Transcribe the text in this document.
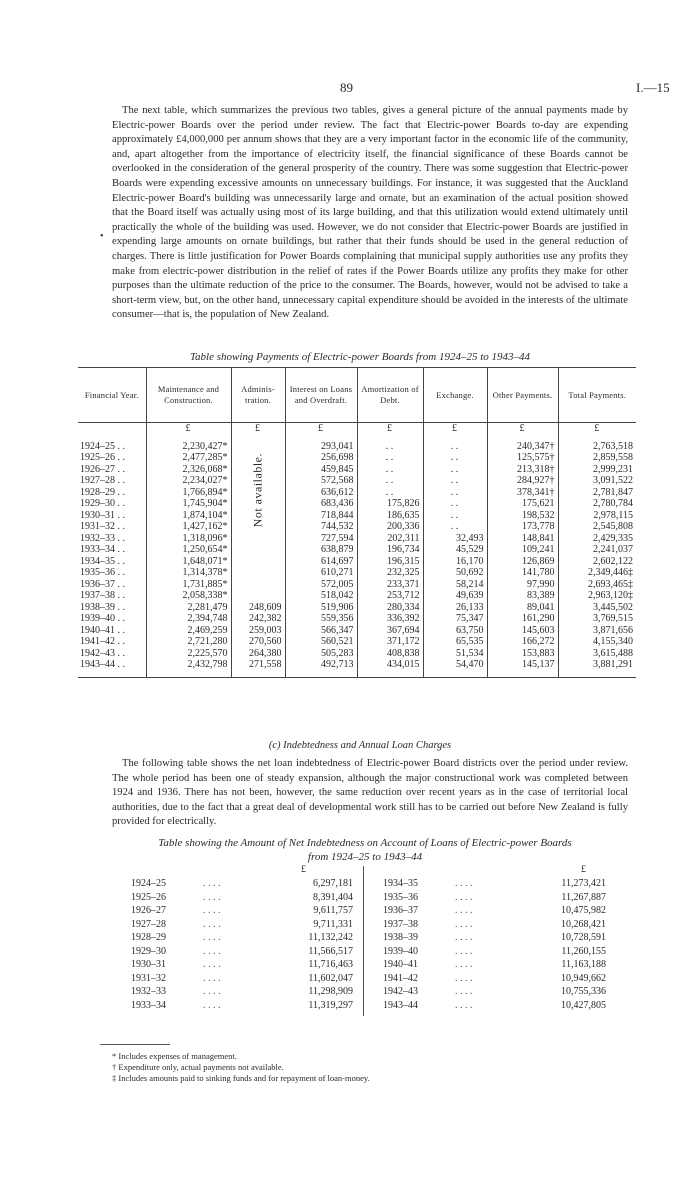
89	I.—15

The next table, which summarizes the previous two tables, gives a general picture of the annual payments made by Electric-power Boards over the period under review. The fact that Electric-power Boards to-day are expending approximately £4,000,000 per annum shows that they are a very important factor in the economic life of the community, and, apart altogether from the importance of electricity itself, the financial significance of these Boards cannot be overlooked in the consideration of the general prosperity of the country. There was some suggestion that Electric-power Boards were expending excessive amounts on unnecessary buildings. For instance, it was suggested that the Auckland Electric-power Board's building was unnecessarily large and ornate, but an examination of the actual position showed that the Board itself was actually using most of its large building, and that this utilization would extend ultimately until practically the whole of the building was used. However, we do not consider that Electric-power Boards are justified in expending large amounts on ornate buildings, but rather that their funds should be used in the general reduction of charges. There is little justification for Power Boards complaining that municipal supply authorities use any profits they make from electric-power distribution in the relief of rates if the Power Boards utilize any profits they make for other purposes than the ultimate reduction of the price to the consumer. The Boards, however, would not be advised to take a short-term view, but, on the other hand, unnecessary capital expenditure should be avoided in the interests of the ultimate consumer—that is, the population of New Zealand.

•
Table showing Payments of Electric-power Boards from 1924–25 to 1943–44
Financial Year.	Maintenance and Construction.	Adminis-tration.	Interest on Loans and Overdraft.	Amortization of Debt.	Exchange.	Other Payments.	Total Payments.
	£	£	£	£	£	£	£

1924–25 . .	2,230,427*	Not available.	293,041	. .	. .	240,347†	2,763,518
1925–26 . .	2,477,285*		256,698	. .	. .	125,575†	2,859,558
1926–27 . .	2,326,068*		459,845	. .	. .	213,318†	2,999,231
1927–28 . .	2,234,027*		572,568	. .	. .	284,927†	3,091,522
1928–29 . .	1,766,894*		636,612	. .	. .	378,341†	2,781,847
1929–30 . .	1,745,904*		683,436	175,826	. .	175,621	2,780,784
1930–31 . .	1,874,104*		718,844	186,635	. .	198,532	2,978,115
1931–32 . .	1,427,162*		744,532	200,336	. .	173,778	2,545,808
1932–33 . .	1,318,096*		727,594	202,311	32,493	148,841	2,429,335
1933–34 . .	1,250,654*		638,879	196,734	45,529	109,241	2,241,037
1934–35 . .	1,648,071*		614,697	196,315	16,170	126,869	2,602,122
1935–36 . .	1,314,378*		610,271	232,325	50,692	141,780	2,349,446‡
1936–37 . .	1,731,885*		572,005	233,371	58,214	97,990	2,693,465‡
1937–38 . .	2,058,338*		518,042	253,712	49,639	83,389	2,963,120‡
1938–39 . .	2,281,479	248,609	519,906	280,334	26,133	89,041	3,445,502
1939–40 . .	2,394,748	242,382	559,356	336,392	75,347	161,290	3,769,515
1940–41 . .	2,469,259	259,003	566,347	367,694	63,750	145,603	3,871,656
1941–42 . .	2,721,280	270,560	560,521	371,172	65,535	166,272	4,155,340
1942–43 . .	2,225,570	264,380	505,283	408,838	51,534	153,883	3,615,488
1943–44 . .	2,432,798	271,558	492,713	434,015	54,470	145,137	3,881,291

(c) Indebtedness and Annual Loan Charges

The following table shows the net loan indebtedness of Electric-power Board districts over the period under review. The whole period has been one of steady expansion, although the major constructional work was completed between 1924 and 1936. There has not been, however, the same reduction over recent years as in the case of territorial local authorities, due to the fact that a great deal of developmental work still has to be carried out before New Zealand is fully provided for electrically.

Table showing the Amount of Net Indebtedness on Account of Loans of Electric-power Boards
from 1924–25 to 1943–44
£	£
1924–25	. . . .	6,297,181
1925–26	. . . .	8,391,404
1926–27	. . . .	9,611,757
1927–28	. . . .	9,711,331
1928–29	. . . .	11,132,242
1929–30	. . . .	11,566,517
1930–31	. . . .	11,716,463
1931–32	. . . .	11,602,047
1932–33	. . . .	11,298,909
1933–34	. . . .	11,319,297
1934–35	. . . .	11,273,421
1935–36	. . . .	11,267,887
1936–37	. . . .	10,475,982
1937–38	. . . .	10,268,421
1938–39	. . . .	10,728,591
1939–40	. . . .	11,260,155
1940–41	. . . .	11,163,188
1941–42	. . . .	10,949,662
1942–43	. . . .	10,755,336
1943–44	. . . .	10,427,805
* Includes expenses of management.
† Expenditure only, actual payments not available.
‡ Includes amounts paid to sinking funds and for repayment of loan-money.
